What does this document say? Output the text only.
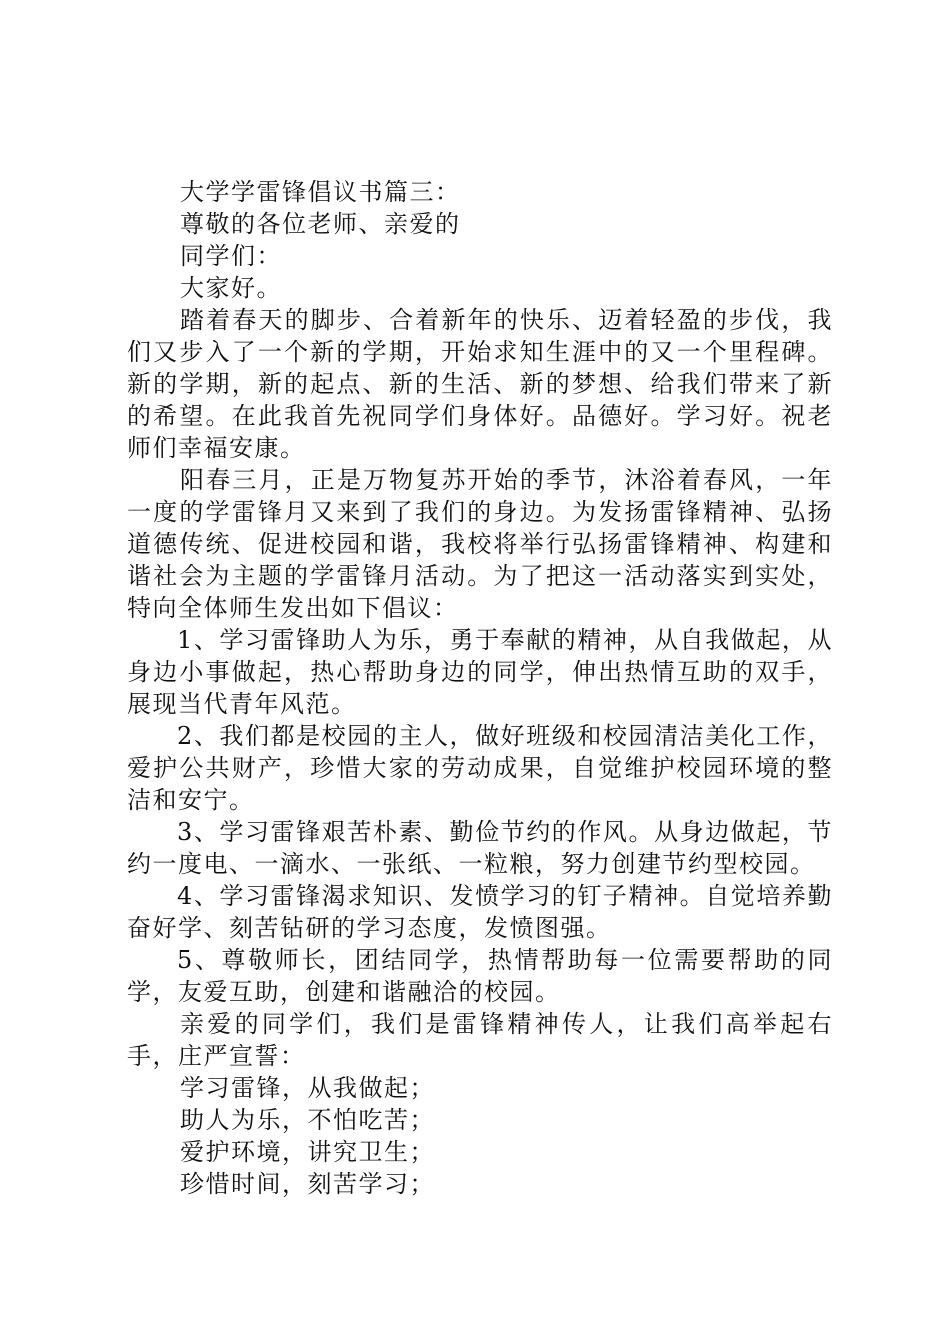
大学学雷锋倡议书篇三：

尊敬的各位老师、亲爱的

同学们：

大家好。

踏着春天的脚步、合着新年的快乐、迈着轻盈的步伐，我们又步入了一个新的学期，开始求知生涯中的又一个里程碑。新的学期，新的起点、新的生活、新的梦想、给我们带来了新的希望。在此我首先祝同学们身体好。品德好。学习好。祝老师们幸福安康。

阳春三月，正是万物复苏开始的季节，沐浴着春风，一年一度的学雷锋月又来到了我们的身边。为发扬雷锋精神、弘扬道德传统、促进校园和谐，我校将举行弘扬雷锋精神、构建和谐社会为主题的学雷锋月活动。为了把这一活动落实到实处，特向全体师生发出如下倡议：

1、学习雷锋助人为乐，勇于奉献的精神，从自我做起，从身边小事做起，热心帮助身边的同学，伸出热情互助的双手，展现当代青年风范。

2、我们都是校园的主人，做好班级和校园清洁美化工作，爱护公共财产，珍惜大家的劳动成果，自觉维护校园环境的整洁和安宁。

3、学习雷锋艰苦朴素、勤俭节约的作风。从身边做起，节约一度电、一滴水、一张纸、一粒粮，努力创建节约型校园。

4、学习雷锋渴求知识、发愤学习的钉子精神。自觉培养勤奋好学、刻苦钻研的学习态度，发愤图强。

5、尊敬师长，团结同学，热情帮助每一位需要帮助的同学，友爱互助，创建和谐融洽的校园。

亲爱的同学们，我们是雷锋精神传人，让我们高举起右手，庄严宣誓：

学习雷锋，从我做起；

助人为乐，不怕吃苦；

爱护环境，讲究卫生；

珍惜时间，刻苦学习；
